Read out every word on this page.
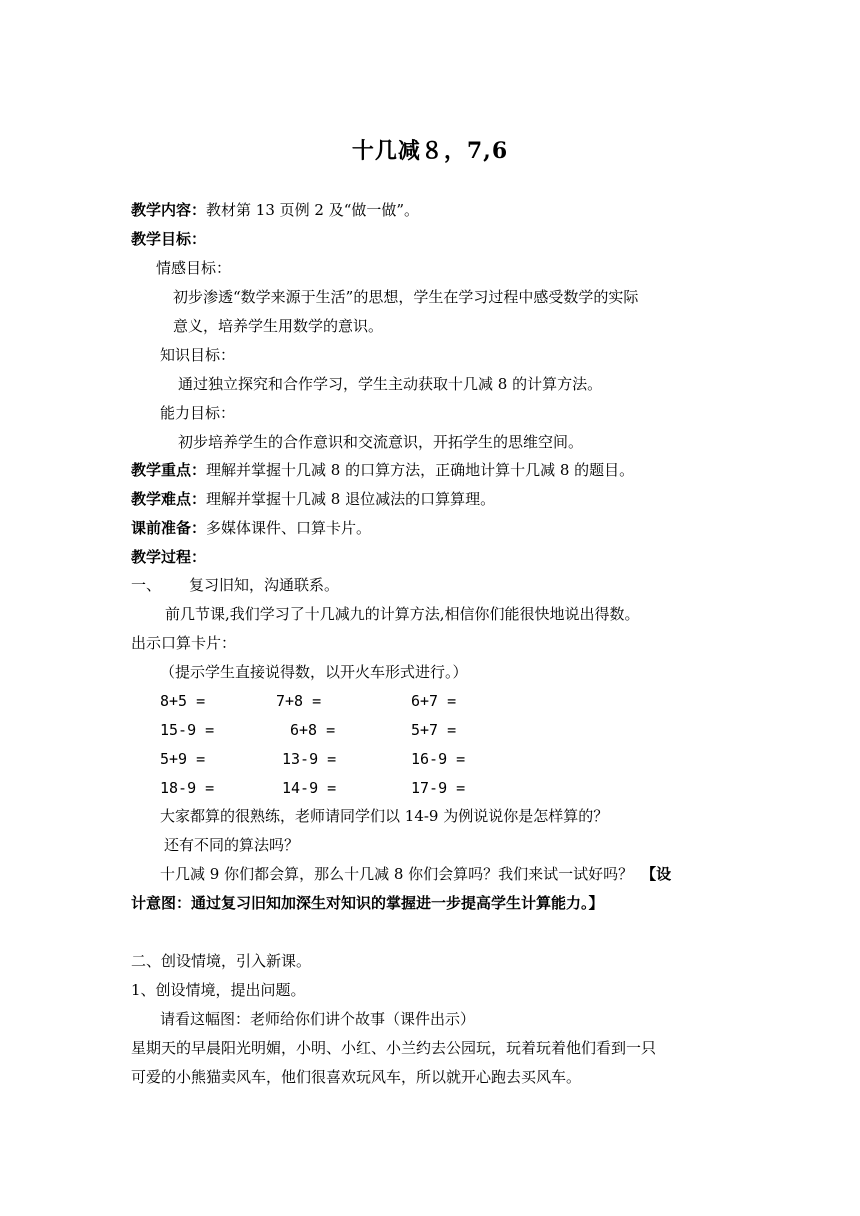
十几减８，7,6
教学内容：教材第 13 页例 2 及“做一做”。
教学目标：
情感目标：
初步渗透“数学来源于生活”的思想，学生在学习过程中感受数学的实际
意义，培养学生用数学的意识。
知识目标：
通过独立探究和合作学习，学生主动获取十几减 8 的计算方法。
能力目标：
初步培养学生的合作意识和交流意识，开拓学生的思维空间。
教学重点：理解并掌握十几减 8 的口算方法，正确地计算十几减 8 的题目。
教学难点：理解并掌握十几减 8 退位减法的口算算理。
课前准备：多媒体课件、口算卡片。
教学过程：
一、 复习旧知，沟通联系。
前几节课,我们学习了十几减九的计算方法,相信你们能很快地说出得数。
出示口算卡片：
（提示学生直接说得数，以开火车形式进行。）
8+5 =	7+8 =	6+7 =
15-9 =	6+8 =	5+7 =
5+9 =	13-9 =	16-9 =
18-9 =	14-9 =	17-9 =
大家都算的很熟练，老师请同学们以 14-9 为例说说你是怎样算的？
还有不同的算法吗？
十几减 9 你们都会算，那么十几减 8 你们会算吗？我们来试一试好吗？ 【设
计意图：通过复习旧知加深生对知识的掌握进一步提高学生计算能力。】
二、创设情境，引入新课。
1、创设情境，提出问题。
请看这幅图：老师给你们讲个故事（课件出示）
星期天的早晨阳光明媚，小明、小红、小兰约去公园玩，玩着玩着他们看到一只
可爱的小熊猫卖风车，他们很喜欢玩风车，所以就开心跑去买风车。
